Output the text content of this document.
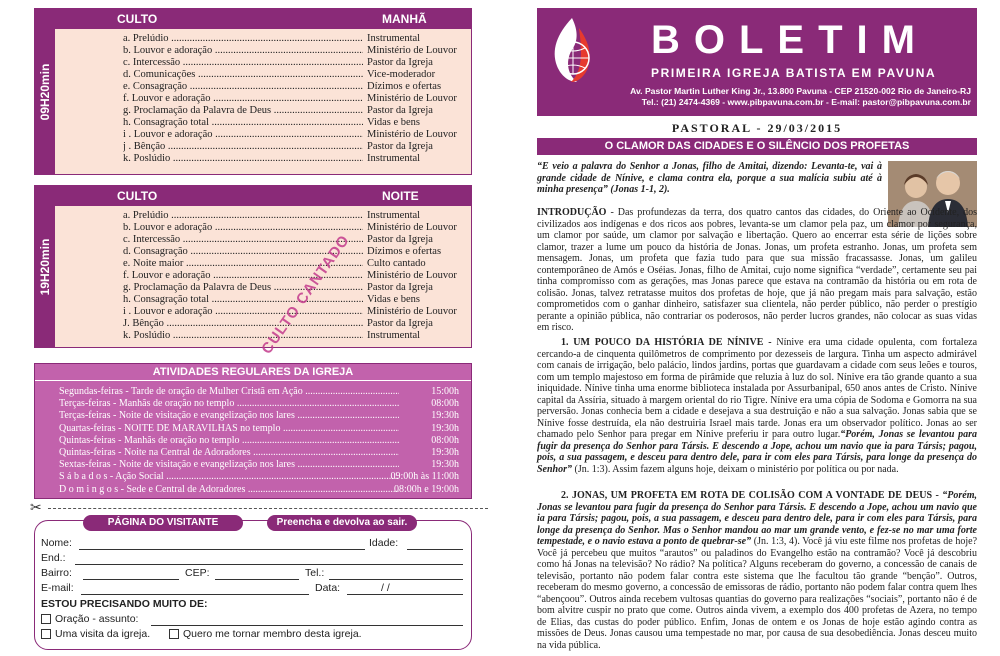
09H20min
CULTO	MANHÃ
a. Prelúdio .....	Instrumental
b. Louvor e adoração .....	Ministério de Louvor
c. Intercessão .....	Pastor da Igreja
d. Comunicações .....	Vice-moderador
e. Consagração .....	Dízimos e ofertas
f. Louvor e adoração .....	Ministério de Louvor
g. Proclamação da Palavra de Deus .....	Pastor da Igreja
h. Consagração total .....	Vidas e bens
i . Louvor e adoração .....	Ministério de Louvor
j . Bênção .....	Pastor da Igreja
k. Poslúdio .....	Instrumental
19H20min
CULTO	NOITE
a. Prelúdio .....	Instrumental
b. Louvor e adoração .....	Ministério de Louvor
c. Intercessão .....	Pastor da Igreja
d. Consagração .....	Dízimos e ofertas
e. Noite maior .....	Culto cantado
f. Louvor e adoração .....	Ministério de Louvor
g. Proclamação da Palavra de Deus .....	Pastor da Igreja
h. Consagração total .....	Vidas e bens
i . Louvor e adoração .....	Ministério de Louvor
J. Bênção .....	Pastor da Igreja
k. Poslúdio .....	Instrumental
CULTO CANTADO
ATIVIDADES REGULARES DA IGREJA
Segundas-feiras - Tarde de oração de Mulher Cristã em Ação .....	15:00h
Terças-feiras - Manhãs de oração no templo .....	08:00h
Terças-feiras - Noite de visitação e evangelização nos lares .....	19:30h
Quartas-feiras - NOITE DE MARAVILHAS no templo .....	19:30h
Quintas-feiras - Manhãs de oração no templo .....	08:00h
Quintas-feiras - Noite na Central de Adoradores .....	19:30h
Sextas-feiras - Noite de visitação e evangelização nos lares .....	19:30h
S á b a d o s - Ação Social .....	09:00h às 11:00h
D o m i n g o s - Sede e Central de Adoradores .....	08:00h e 19:00h
✂
PÁGINA DO VISITANTE	Preencha e devolva ao sair.
Nome:	Idade:
End.:
Bairro:	CEP:	Tel.:
E-mail:	Data:	/ /
ESTOU PRECISANDO MUITO DE:
Oração - assunto:
Uma visita da igreja.	Quero me tornar membro desta igreja.
BOLETIM
PRIMEIRA IGREJA BATISTA EM PAVUNA
Av. Pastor Martin Luther King Jr., 13.800 Pavuna - CEP 21520-002 Rio de Janeiro-RJ
Tel.: (21) 2474-4369 - www.pibpavuna.com.br - E-mail: pastor@pibpavuna.com.br
PASTORAL - 29/03/2015
O CLAMOR DAS CIDADES E O SILÊNCIO DOS PROFETAS
“E veio a palavra do Senhor a Jonas, filho de Amitai, dizendo: Levanta-te, vai à grande cidade de Nínive, e clama contra ela, porque a sua malícia subiu até à minha presença” (Jonas 1-1, 2).
INTRODUÇÃO - Das profundezas da terra, dos quatro cantos das cidades, do Oriente ao Ocidente, dos civilizados aos indígenas e dos ricos aos pobres, levanta-se um clamor pela paz, um clamor por segurança, um clamor por saúde, um clamor por salvação e libertação. Quero ao encerrar esta série de lições sobre clamor, trazer a lume um pouco da história de Jonas. Jonas, um profeta estranho. Jonas, um profeta sem mensagem. Jonas, um profeta que fazia tudo para que sua missão fracassasse. Jonas, um galileu contemporâneo de Amós e Oséias. Jonas, filho de Amitai, cujo nome significa “verdade”, certamente seu pai tinha compromisso com as gerações, mas Jonas parece que estava na contramão da história ou em rota de colisão. Jonas, talvez retratasse muitos dos profetas de hoje, que já não pregam mais para salvação, estão comprometidos com o ganhar dinheiro, satisfazer sua clientela, não perder público, não perder o prestígio perante a opinião pública, não contrariar os poderosos, não perder lucros grandes, não colocar as suas vidas em risco.
1. UM POUCO DA HISTÓRIA DE NÍNIVE - Nínive era uma cidade opulenta, com fortaleza cercando-a de cinquenta quilômetros de comprimento por dezesseis de largura. Tinha um aspecto admirável com canais de irrigação, belo palácio, lindos jardins, portas que guardavam a cidade com seus leões e touros, com um templo majestoso em forma de pirâmide que reluzia à luz do sol. Nínive era tão grande quanto a sua iniquidade. Nínive tinha uma enorme biblioteca instalada por Assurbanipal, 650 anos antes de Cristo. Nínive capital da Assíria, situado à margem oriental do rio Tigre. Nínive era uma cópia de Sodoma e Gomorra na sua perversão. Jonas conhecia bem a cidade e desejava a sua destruição e não a sua salvação. Jonas sabia que se Nínive fosse destruída, ela não destruiria Israel mais tarde. Jonas era um observador político. Jonas ao ser chamado pelo Senhor para pregar em Nínive preferiu ir para outro lugar.“Porém, Jonas se levantou para fugir da presença do Senhor para Társis. E descendo a Jope, achou um navio que ia para Társis; pagou, pois, a sua passagem, e desceu para dentro dele, para ir com eles para Társis, para longe da presença do Senhor” (Jn. 1:3). Assim fazem alguns hoje, deixam o ministério por política ou por nada.
2. JONAS, UM PROFETA EM ROTA DE COLISÃO COM A VONTADE DE DEUS - “Porém, Jonas se levantou para fugir da presença do Senhor para Társis. E descendo a Jope, achou um navio que ia para Társis; pagou, pois, a sua passagem, e desceu para dentro dele, para ir com eles para Társis, para longe da presença do Senhor. Mas o Senhor mandou ao mar um grande vento, e fez-se no mar uma forte tempestade, e o navio estava a ponto de quebrar-se” (Jn. 1:3, 4). Você já viu este filme nos profetas de hoje? Você já percebeu que muitos “arautos” ou paladinos do Evangelho estão na contramão? Você já descobriu como há Jonas na televisão? No rádio? Na política? Alguns receberam do governo, a concessão de canais de televisão, portanto não podem falar contra este sistema que lhe facultou tão grande “benção”. Outros, receberam do mesmo governo, a concessão de emissoras de rádio, portanto não podem falar contra quem lhes “abençoou”. Outros ainda recebem vultosas quantias do governo para realizações “sociais”, portanto não é de bom alvitre cuspir no prato que come. Outros ainda vivem, a exemplo dos 400 profetas de Azera, no tempo de Elias, das custas do poder público. Enfim, Jonas de ontem e os Jonas de hoje estão agindo contra as missões de Deus. Jonas causou uma tempestade no mar, por causa de sua desobediência. Jonas desceu muito na vida pública.
